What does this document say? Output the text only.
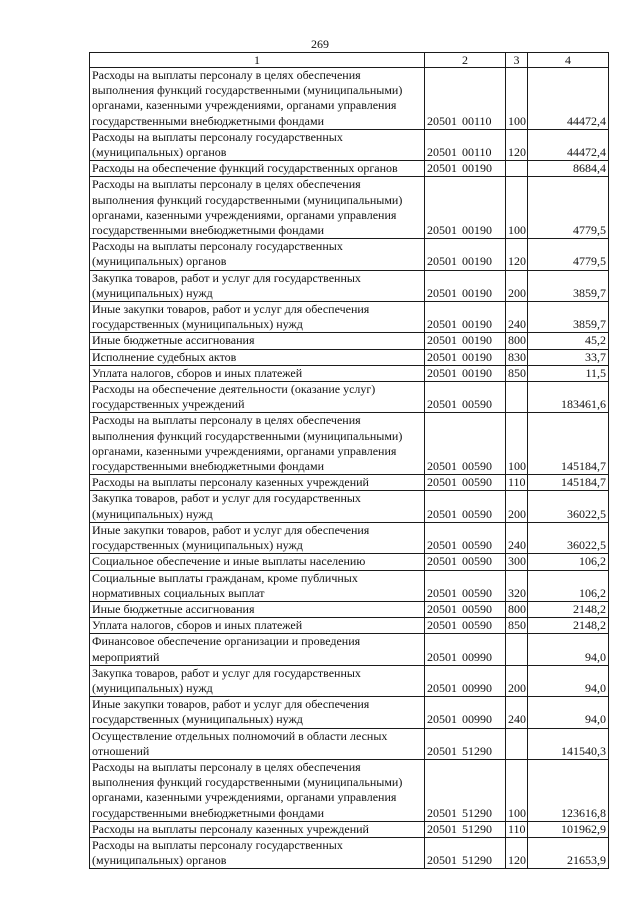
269
1	2	3	4
Расходы на выплаты персоналу в целях обеспечения выполнения функций государственными (муниципальными) органами, казенными учреждениями, органами управления государственными внебюджетными фондами	20501 00110	100	44472,4
Расходы на выплаты персоналу государственных (муниципальных) органов	20501 00110	120	44472,4
Расходы на обеспечение функций государственных органов	20501 00190		8684,4
Расходы на выплаты персоналу в целях обеспечения выполнения функций государственными (муниципальными) органами, казенными учреждениями, органами управления государственными внебюджетными фондами	20501 00190	100	4779,5
Расходы на выплаты персоналу государственных (муниципальных) органов	20501 00190	120	4779,5
Закупка товаров, работ и услуг для государственных (муниципальных) нужд	20501 00190	200	3859,7
Иные закупки товаров, работ и услуг для обеспечения государственных (муниципальных) нужд	20501 00190	240	3859,7
Иные бюджетные ассигнования	20501 00190	800	45,2
Исполнение судебных актов	20501 00190	830	33,7
Уплата налогов, сборов и иных платежей	20501 00190	850	11,5
Расходы на обеспечение деятельности (оказание услуг) государственных учреждений	20501 00590		183461,6
Расходы на выплаты персоналу в целях обеспечения выполнения функций государственными (муниципальными) органами, казенными учреждениями, органами управления государственными внебюджетными фондами	20501 00590	100	145184,7
Расходы на выплаты персоналу казенных учреждений	20501 00590	110	145184,7
Закупка товаров, работ и услуг для государственных (муниципальных) нужд	20501 00590	200	36022,5
Иные закупки товаров, работ и услуг для обеспечения государственных (муниципальных) нужд	20501 00590	240	36022,5
Социальное обеспечение и иные выплаты населению	20501 00590	300	106,2
Социальные выплаты гражданам, кроме публичных нормативных социальных выплат	20501 00590	320	106,2
Иные бюджетные ассигнования	20501 00590	800	2148,2
Уплата налогов, сборов и иных платежей	20501 00590	850	2148,2
Финансовое обеспечение организации и проведения мероприятий	20501 00990		94,0
Закупка товаров, работ и услуг для государственных (муниципальных) нужд	20501 00990	200	94,0
Иные закупки товаров, работ и услуг для обеспечения государственных (муниципальных) нужд	20501 00990	240	94,0
Осуществление отдельных полномочий в области лесных отношений	20501 51290		141540,3
Расходы на выплаты персоналу в целях обеспечения выполнения функций государственными (муниципальными) органами, казенными учреждениями, органами управления государственными внебюджетными фондами	20501 51290	100	123616,8
Расходы на выплаты персоналу казенных учреждений	20501 51290	110	101962,9
Расходы на выплаты персоналу государственных (муниципальных) органов	20501 51290	120	21653,9
